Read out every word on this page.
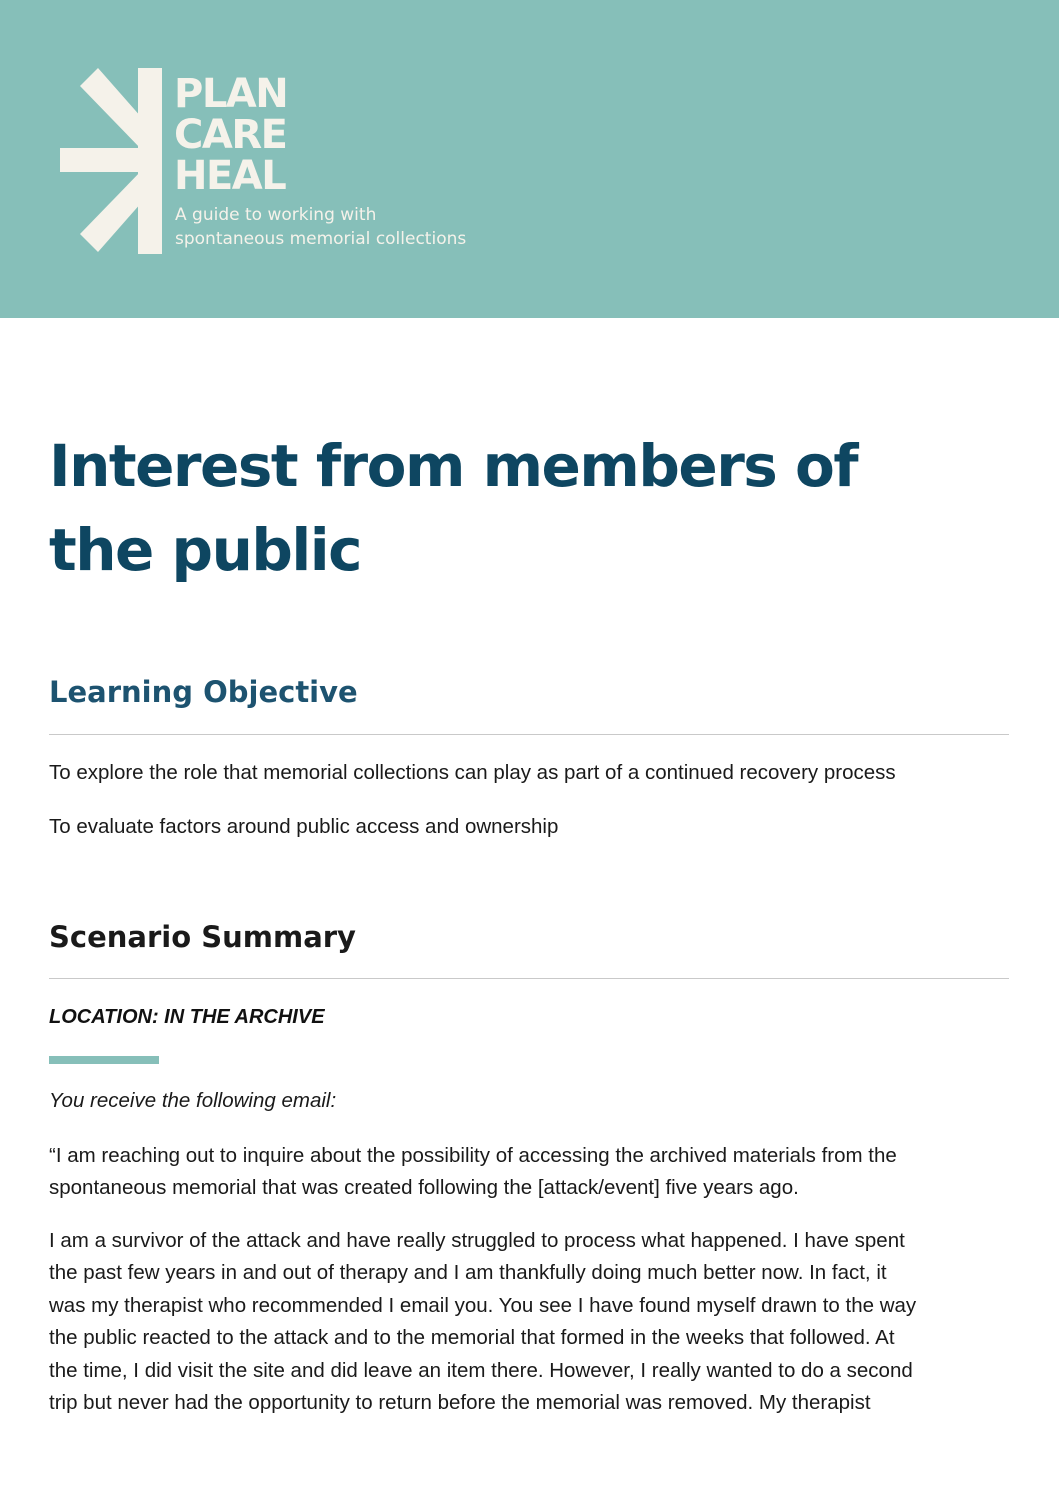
PLAN
CARE
HEAL
A guide to working with
spontaneous memorial collections
Interest from members of
the public
Learning Objective

To explore the role that memorial collections can play as part of a continued recovery process

To evaluate factors around public access and ownership

Scenario Summary

LOCATION: IN THE ARCHIVE

You receive the following email:

“I am reaching out to inquire about the possibility of accessing the archived materials from the
spontaneous memorial that was created following the [attack/event] five years ago.
I am a survivor of the attack and have really struggled to process what happened. I have spent
the past few years in and out of therapy and I am thankfully doing much better now. In fact, it
was my therapist who recommended I email you. You see I have found myself drawn to the way
the public reacted to the attack and to the memorial that formed in the weeks that followed. At
the time, I did visit the site and did leave an item there. However, I really wanted to do a second
trip but never had the opportunity to return before the memorial was removed. My therapist
